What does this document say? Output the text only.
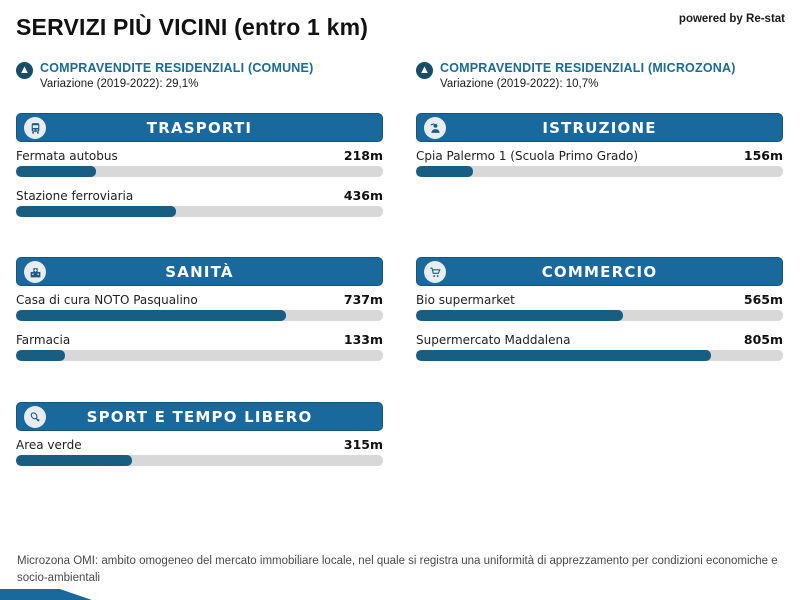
SERVIZI PIÙ VICINI (entro 1 km)	powered by Re-stat
▲ COMPRAVENDITE RESIDENZIALI (COMUNE)
Variazione (2019-2022): 29,1%
▲ COMPRAVENDITE RESIDENZIALI (MICROZONA)
Variazione (2019-2022): 10,7%
TRASPORTI
Fermata autobus	218m
Stazione ferroviaria	436m
ISTRUZIONE
Cpia Palermo 1 (Scuola Primo Grado)	156m
SANITÀ
Casa di cura NOTO Pasqualino	737m
Farmacia	133m
COMMERCIO
Bio supermarket	565m
Supermercato Maddalena	805m
SPORT E TEMPO LIBERO
Area verde	315m
Microzona OMI: ambito omogeneo del mercato immobiliare locale, nel quale si registra una uniformità di apprezzamento per condizioni economiche e socio-ambientali
